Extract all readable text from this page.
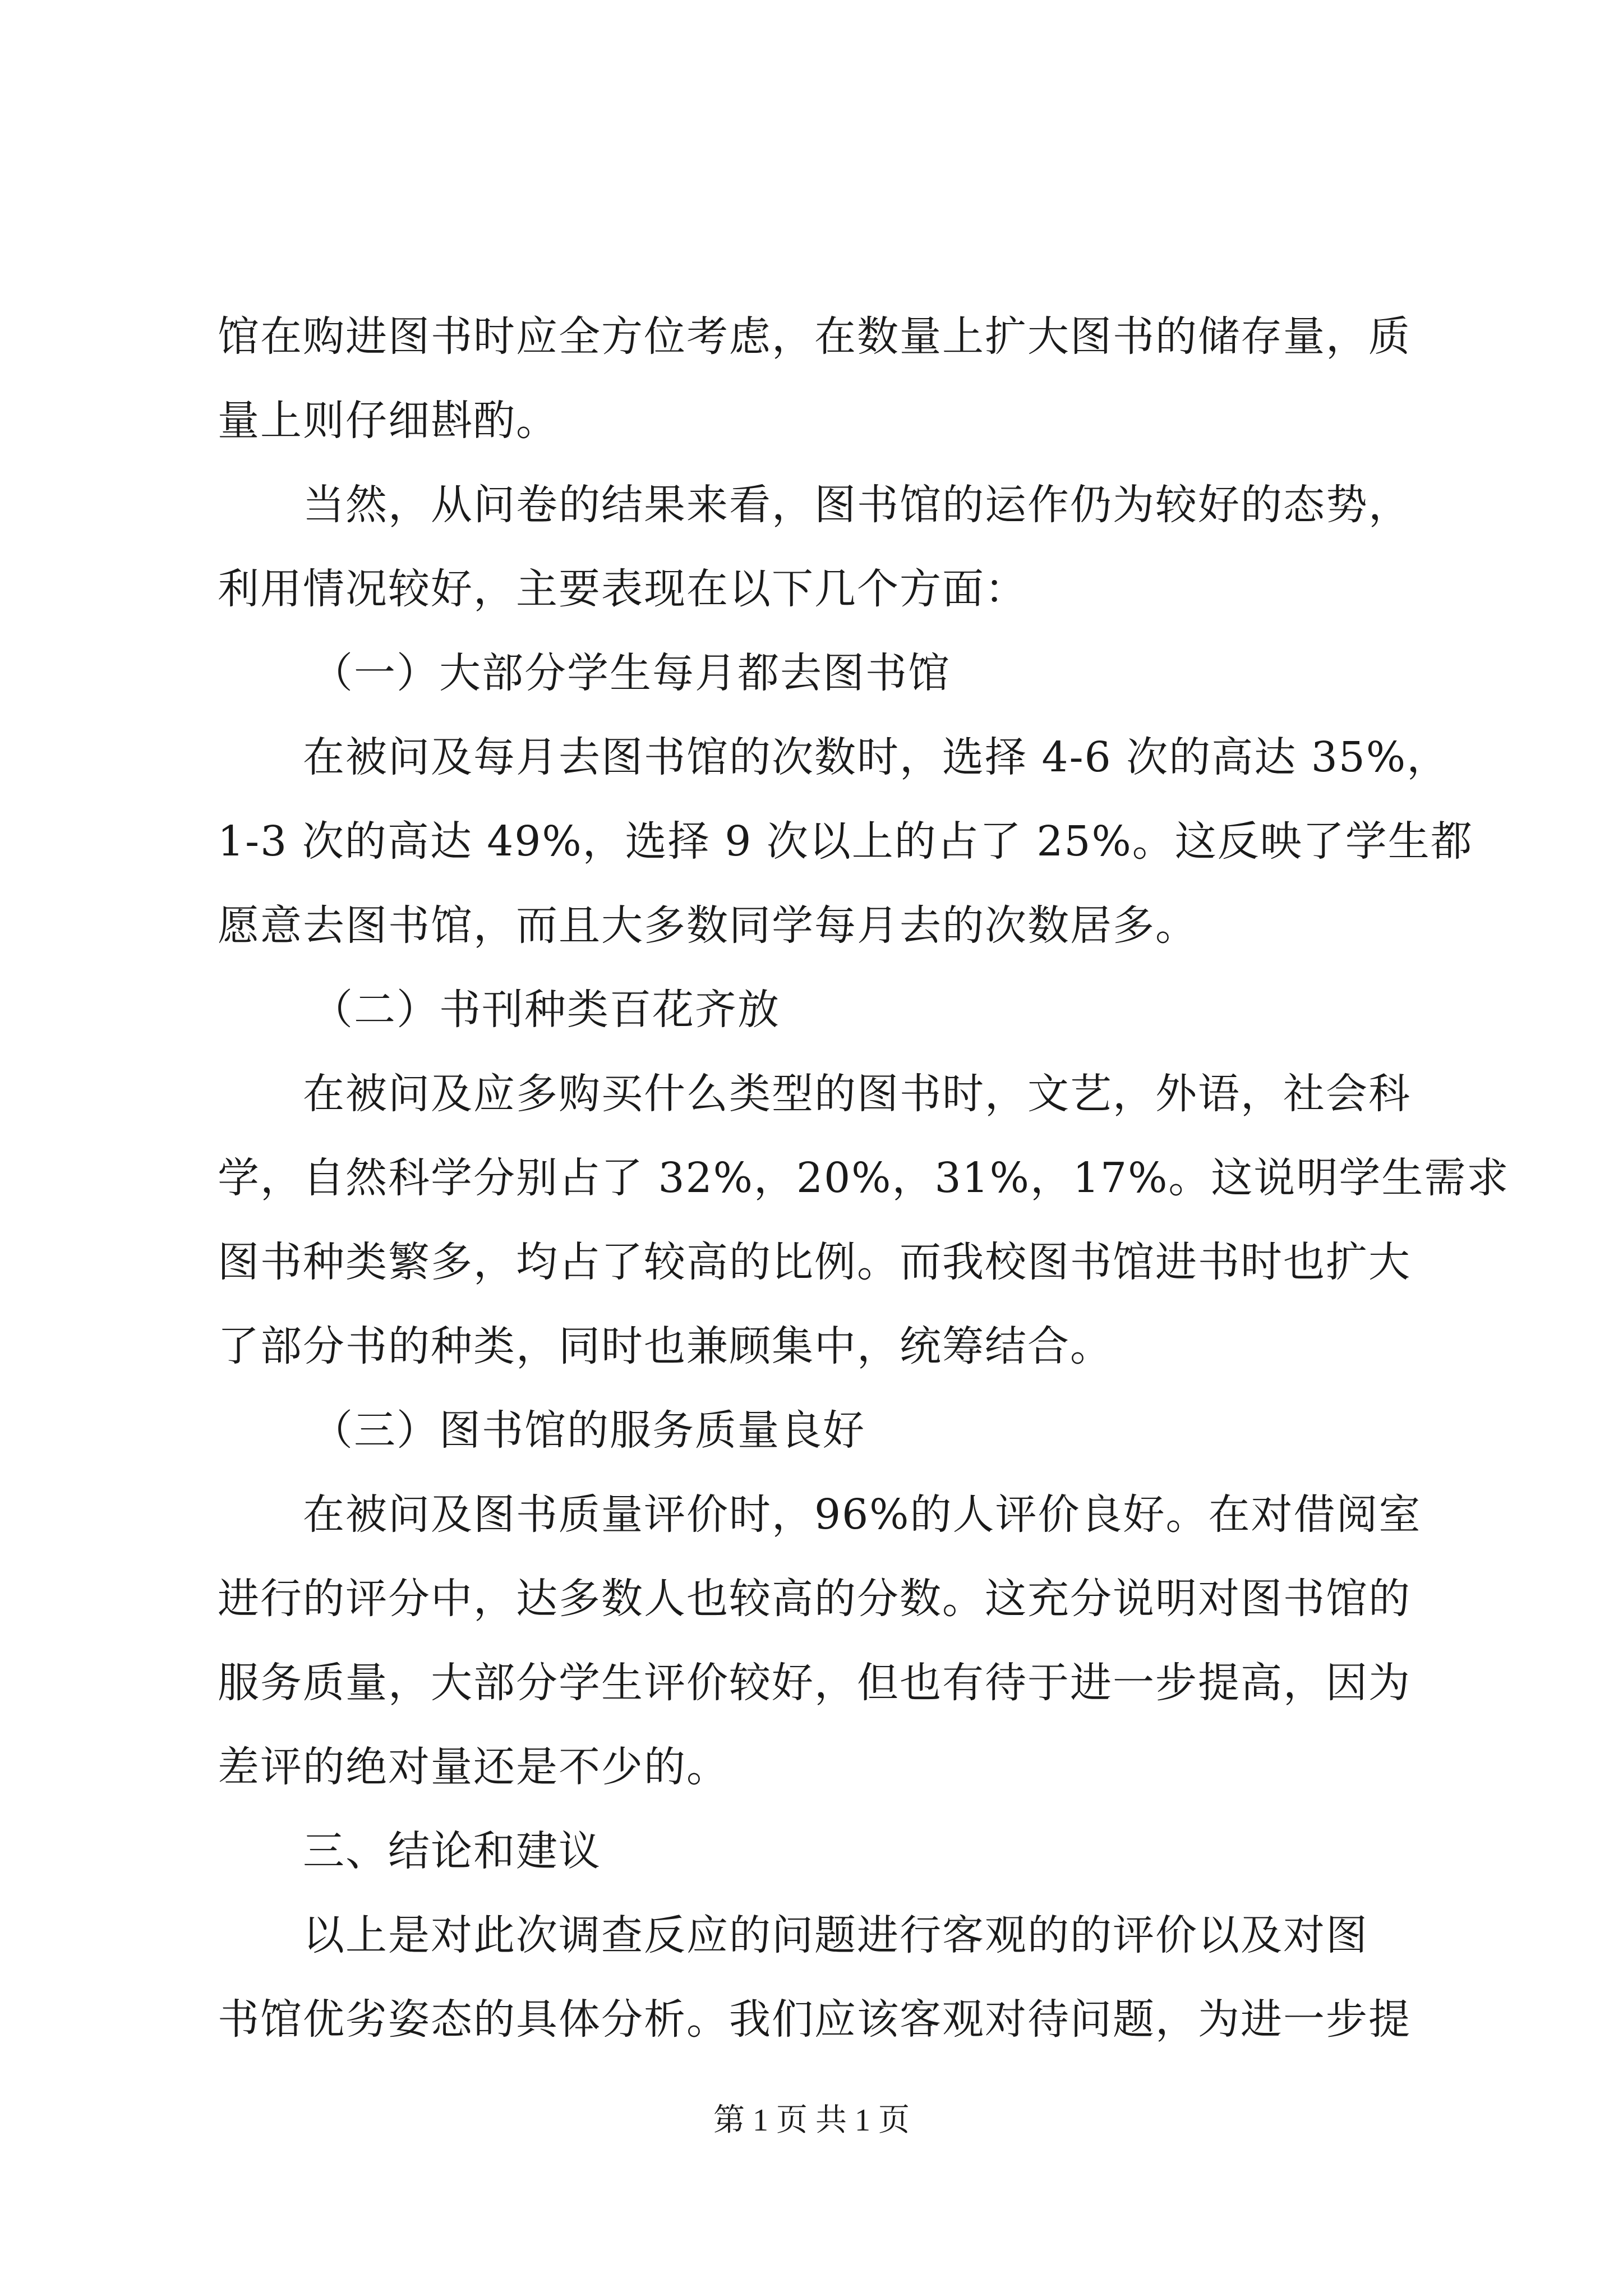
馆在购进图书时应全方位考虑，在数量上扩大图书的储存量，质
量上则仔细斟酌。
当然，从问卷的结果来看，图书馆的运作仍为较好的态势，
利用情况较好，主要表现在以下几个方面：
（一）大部分学生每月都去图书馆
在被问及每月去图书馆的次数时，选择 4-6 次的高达 35%，
1-3 次的高达 49%，选择 9 次以上的占了 25%。这反映了学生都
愿意去图书馆，而且大多数同学每月去的次数居多。
（二）书刊种类百花齐放
在被问及应多购买什么类型的图书时，文艺，外语，社会科
学，自然科学分别占了 32%，20%，31%，17%。这说明学生需求
图书种类繁多，均占了较高的比例。而我校图书馆进书时也扩大
了部分书的种类，同时也兼顾集中，统筹结合。
（三）图书馆的服务质量良好
在被问及图书质量评价时，96%的人评价良好。在对借阅室
进行的评分中，达多数人也较高的分数。这充分说明对图书馆的
服务质量，大部分学生评价较好，但也有待于进一步提高，因为
差评的绝对量还是不少的。
三、结论和建议
以上是对此次调查反应的问题进行客观的的评价以及对图
书馆优劣姿态的具体分析。我们应该客观对待问题，为进一步提
第 1 页 共 1 页
